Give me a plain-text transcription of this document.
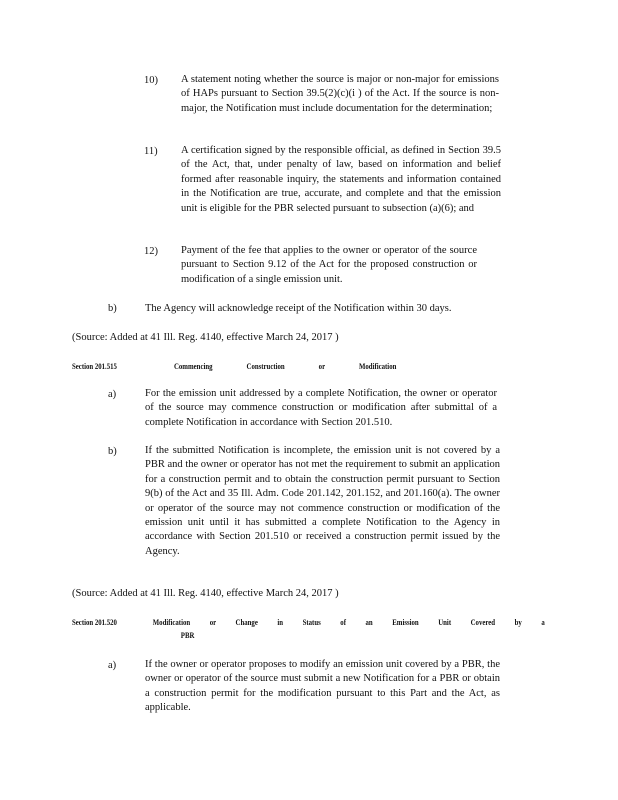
10) A statement noting whether the source is major or non-major for emissions of HAPs pursuant to Section 39.5(2)(c)(i ) of the Act. If the source is non-major, the Notification must include documentation for the determination;
11) A certification signed by the responsible official, as defined in Section 39.5 of the Act, that, under penalty of law, based on information and belief formed after reasonable inquiry, the statements and information contained in the Notification are true, accurate, and complete and that the emission unit is eligible for the PBR selected pursuant to subsection (a)(6); and
12) Payment of the fee that applies to the owner or operator of the source pursuant to Section 9.12 of the Act for the proposed construction or modification of a single emission unit.
b)	The Agency will acknowledge receipt of the Notification within 30 days.
(Source: Added at 41 Ill. Reg. 4140, effective March 24, 2017 )
Section 201.515	Commencing Construction or Modification
a)	For the emission unit addressed by a complete Notification, the owner or operator of the source may commence construction or modification after submittal of a complete Notification in accordance with Section 201.510.
b)	If the submitted Notification is incomplete, the emission unit is not covered by a PBR and the owner or operator has not met the requirement to submit an application for a construction permit and to obtain the construction permit pursuant to Section 9(b) of the Act and 35 Ill. Adm. Code 201.142, 201.152, and 201.160(a). The owner or operator of the source may not commence construction or modification of the emission unit until it has submitted a complete Notification to the Agency in accordance with Section 201.510 or received a construction permit issued by the Agency.
(Source: Added at 41 Ill. Reg. 4140, effective March 24, 2017 )
Section 201.520	Modification or Change in Status of an Emission Unit Covered by a
PBR
a)	If the owner or operator proposes to modify an emission unit covered by a PBR, the owner or operator of the source must submit a new Notification for a PBR or obtain a construction permit for the modification pursuant to this Part and the Act, as applicable.
